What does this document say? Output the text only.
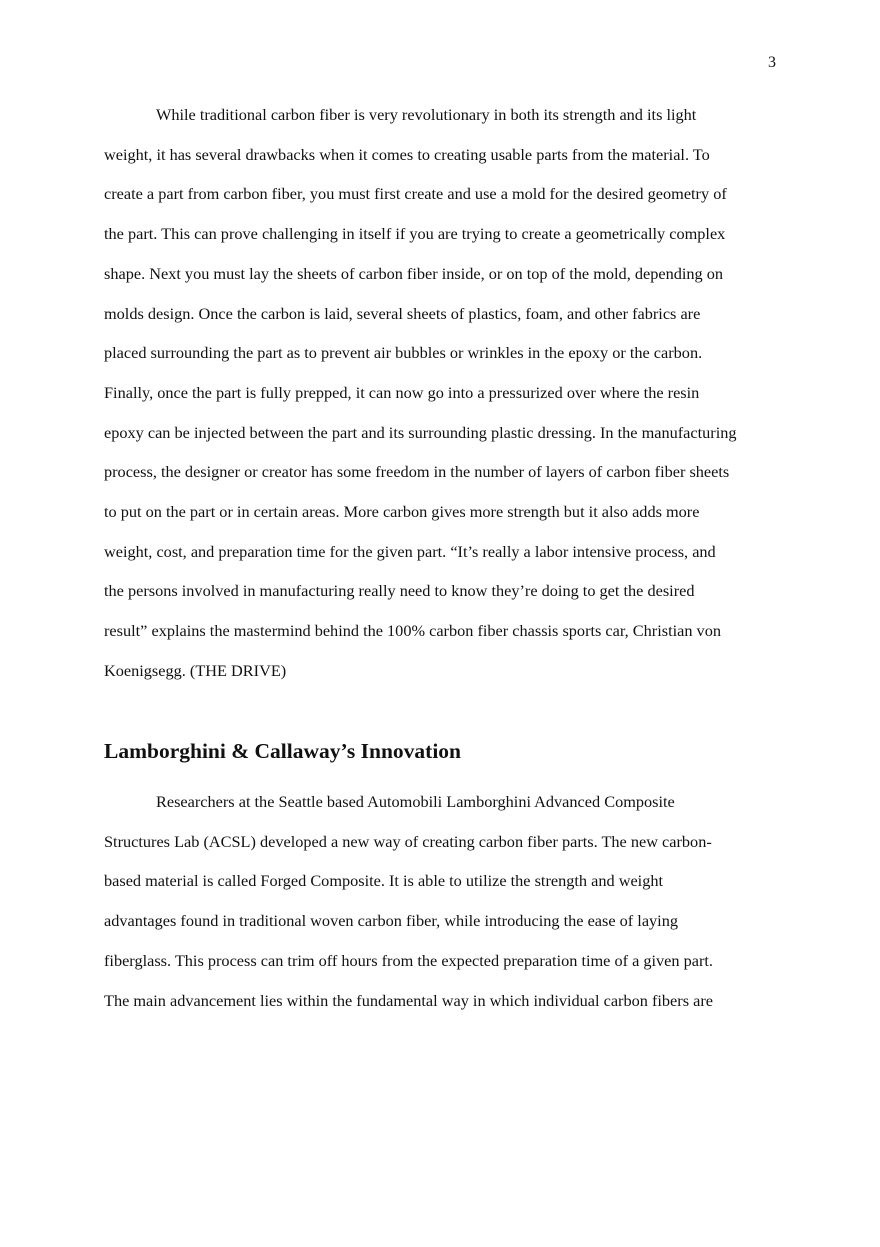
3
While traditional carbon fiber is very revolutionary in both its strength and its light
weight, it has several drawbacks when it comes to creating usable parts from the material. To
create a part from carbon fiber, you must first create and use a mold for the desired geometry of
the part. This can prove challenging in itself if you are trying to create a geometrically complex
shape. Next you must lay the sheets of carbon fiber inside, or on top of the mold, depending on
molds design. Once the carbon is laid, several sheets of plastics, foam, and other fabrics are
placed surrounding the part as to prevent air bubbles or wrinkles in the epoxy or the carbon.
Finally, once the part is fully prepped, it can now go into a pressurized over where the resin
epoxy can be injected between the part and its surrounding plastic dressing. In the manufacturing
process, the designer or creator has some freedom in the number of layers of carbon fiber sheets
to put on the part or in certain areas. More carbon gives more strength but it also adds more
weight, cost, and preparation time for the given part. “It’s really a labor intensive process, and
the persons involved in manufacturing really need to know they’re doing to get the desired
result” explains the mastermind behind the 100% carbon fiber chassis sports car, Christian von
Koenigsegg. (THE DRIVE)
Lamborghini & Callaway’s Innovation
Researchers at the Seattle based Automobili Lamborghini Advanced Composite
Structures Lab (ACSL) developed a new way of creating carbon fiber parts. The new carbon-
based material is called Forged Composite. It is able to utilize the strength and weight
advantages found in traditional woven carbon fiber, while introducing the ease of laying
fiberglass. This process can trim off hours from the expected preparation time of a given part.
The main advancement lies within the fundamental way in which individual carbon fibers are
